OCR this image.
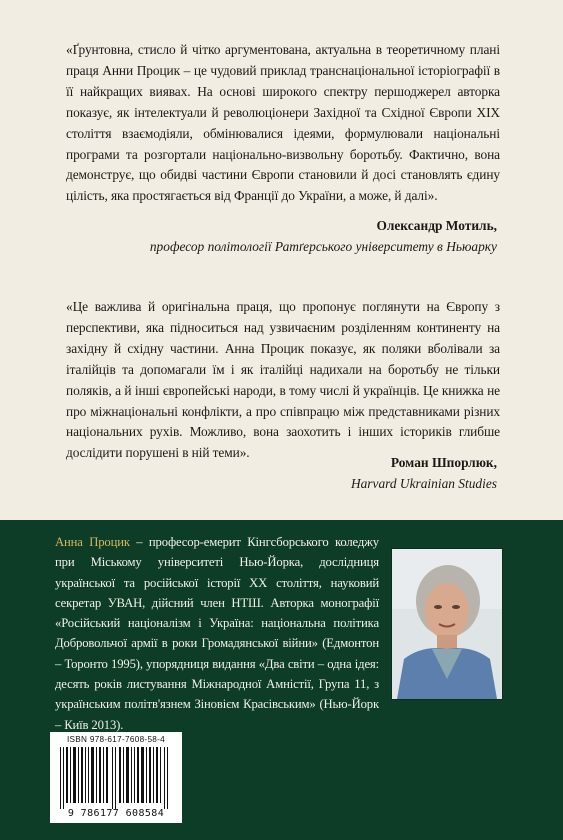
«Ґрунтовна, стисло й чітко аргументована, актуальна в теоретичному плані праця Анни Процик – це чудовий приклад транснаціональної історіографії в її найкращих виявах. На основі широкого спектру першоджерел авторка показує, як інтелектуали й революціонери Західної та Східної Європи XIX століття взаємодіяли, обмінювалися ідеями, формулювали національні програми та розгортали національно-визвольну боротьбу. Фактично, вона демонструє, що обидві частини Європи становили й досі становлять єдину цілість, яка простягається від Франції до України, а може, й далі».

Олександр Мотиль,
професор політології Ратґерського університету в Ньюарку

«Це важлива й оригінальна праця, що пропонує поглянути на Європу з перспективи, яка підноситься над узвичаєним розділенням континенту на західну й східну частини. Анна Процик показує, як поляки вболівали за італійців та допомагали їм і як італійці надихали на боротьбу не тільки поляків, а й інші європейські народи, в тому числі й українців. Це книжка не про міжнаціональні конфлікти, а про співпрацю між представниками різних національних рухів. Можливо, вона заохотить і інших істориків глибше дослідити порушені в ній теми».

Роман Шпорлюк,
Harvard Ukrainian Studies

Анна Процик – професор-емерит Кінгсборського коледжу при Міському університеті Нью-Йорка, дослідниця української та російської історії XX століття, науковий секретар УВАН, дійсний член НТШ. Авторка монографії «Російський націоналізм і Україна: національна політика Добровольчої армії в роки Громадянської війни» (Едмонтон – Торонто 1995), упорядниця видання «Два світи – одна ідея: десять років листування Міжнародної Амністії, Група 11, з українським політв'язнем Зіновієм Красівським» (Нью-Йорк – Київ 2013).

ISBN 978-617-7608-58-4
9 786177 608584
